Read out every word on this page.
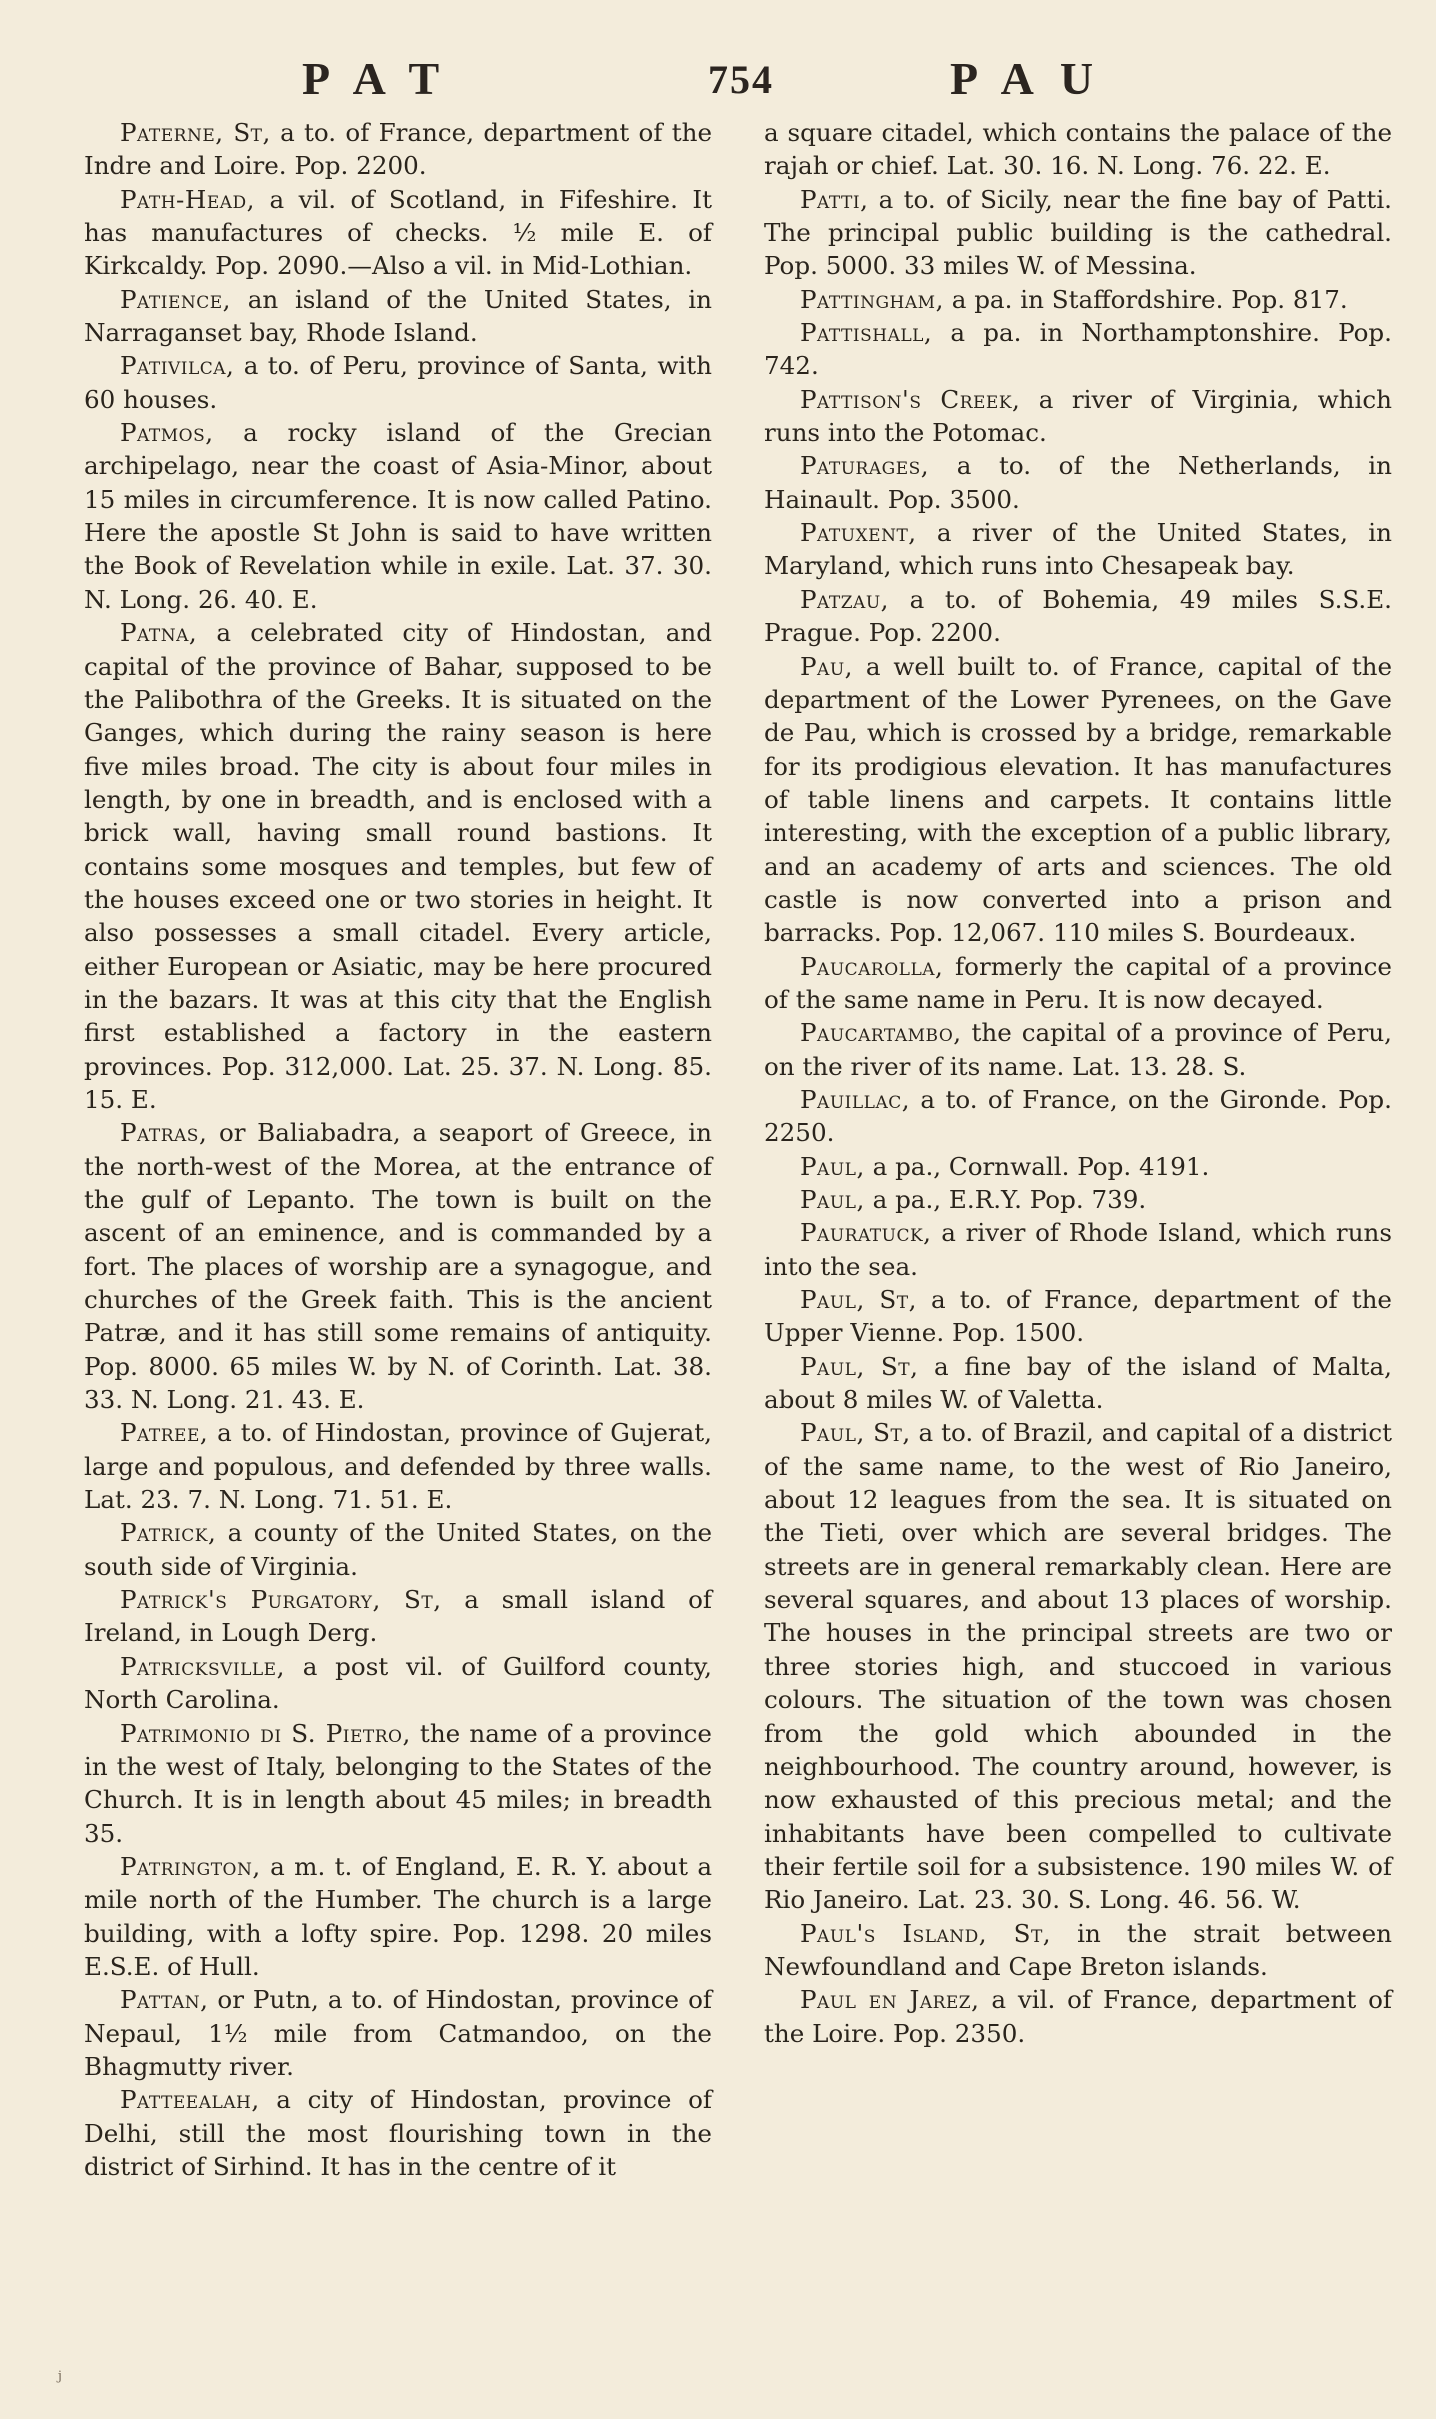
PAT	754	PAU

Paterne, St, a to. of France, department of the Indre and Loire. Pop. 2200.

Path-Head, a vil. of Scotland, in Fifeshire. It has manufactures of checks. ½ mile E. of Kirkcaldy. Pop. 2090.—Also a vil. in Mid-Lothian.

Patience, an island of the United States, in Narraganset bay, Rhode Island.

Pativilca, a to. of Peru, province of Santa, with 60 houses.

Patmos, a rocky island of the Grecian archipelago, near the coast of Asia-Minor, about 15 miles in circumference. It is now called Patino. Here the apostle St John is said to have written the Book of Revelation while in exile. Lat. 37. 30. N. Long. 26. 40. E.

Patna, a celebrated city of Hindostan, and capital of the province of Bahar, supposed to be the Palibothra of the Greeks. It is situated on the Ganges, which during the rainy season is here five miles broad. The city is about four miles in length, by one in breadth, and is enclosed with a brick wall, having small round bastions. It contains some mosques and temples, but few of the houses exceed one or two stories in height. It also possesses a small citadel. Every article, either European or Asiatic, may be here procured in the bazars. It was at this city that the English first established a factory in the eastern provinces. Pop. 312,000. Lat. 25. 37. N. Long. 85. 15. E.

Patras, or Baliabadra, a seaport of Greece, in the north-west of the Morea, at the entrance of the gulf of Lepanto. The town is built on the ascent of an eminence, and is commanded by a fort. The places of worship are a synagogue, and churches of the Greek faith. This is the ancient Patræ, and it has still some remains of antiquity. Pop. 8000. 65 miles W. by N. of Corinth. Lat. 38. 33. N. Long. 21. 43. E.

Patree, a to. of Hindostan, province of Gujerat, large and populous, and defended by three walls. Lat. 23. 7. N. Long. 71. 51. E.

Patrick, a county of the United States, on the south side of Virginia.

Patrick's Purgatory, St, a small island of Ireland, in Lough Derg.

Patricksville, a post vil. of Guilford county, North Carolina.

Patrimonio di S. Pietro, the name of a province in the west of Italy, belonging to the States of the Church. It is in length about 45 miles; in breadth 35.

Patrington, a m. t. of England, E. R. Y. about a mile north of the Humber. The church is a large building, with a lofty spire. Pop. 1298. 20 miles E.S.E. of Hull.

Pattan, or Putn, a to. of Hindostan, province of Nepaul, 1½ mile from Catmandoo, on the Bhagmutty river.

Patteealah, a city of Hindostan, province of Delhi, still the most flourishing town in the district of Sirhind. It has in the centre of it

a square citadel, which contains the palace of the rajah or chief. Lat. 30. 16. N. Long. 76. 22. E.

Patti, a to. of Sicily, near the fine bay of Patti. The principal public building is the cathedral. Pop. 5000. 33 miles W. of Messina.

Pattingham, a pa. in Staffordshire. Pop. 817.

Pattishall, a pa. in Northamptonshire. Pop. 742.

Pattison's Creek, a river of Virginia, which runs into the Potomac.

Paturages, a to. of the Netherlands, in Hainault. Pop. 3500.

Patuxent, a river of the United States, in Maryland, which runs into Chesapeak bay.

Patzau, a to. of Bohemia, 49 miles S.S.E. Prague. Pop. 2200.

Pau, a well built to. of France, capital of the department of the Lower Pyrenees, on the Gave de Pau, which is crossed by a bridge, remarkable for its prodigious elevation. It has manufactures of table linens and carpets. It contains little interesting, with the exception of a public library, and an academy of arts and sciences. The old castle is now converted into a prison and barracks. Pop. 12,067. 110 miles S. Bourdeaux.

Paucarolla, formerly the capital of a province of the same name in Peru. It is now decayed.

Paucartambo, the capital of a province of Peru, on the river of its name. Lat. 13. 28. S.

Pauillac, a to. of France, on the Gironde. Pop. 2250.

Paul, a pa., Cornwall. Pop. 4191.

Paul, a pa., E.R.Y. Pop. 739.

Pauratuck, a river of Rhode Island, which runs into the sea.

Paul, St, a to. of France, department of the Upper Vienne. Pop. 1500.

Paul, St, a fine bay of the island of Malta, about 8 miles W. of Valetta.

Paul, St, a to. of Brazil, and capital of a district of the same name, to the west of Rio Janeiro, about 12 leagues from the sea. It is situated on the Tieti, over which are several bridges. The streets are in general remarkably clean. Here are several squares, and about 13 places of worship. The houses in the principal streets are two or three stories high, and stuccoed in various colours. The situation of the town was chosen from the gold which abounded in the neighbourhood. The country around, however, is now exhausted of this precious metal; and the inhabitants have been compelled to cultivate their fertile soil for a subsistence. 190 miles W. of Rio Janeiro. Lat. 23. 30. S. Long. 46. 56. W.

Paul's Island, St, in the strait between Newfoundland and Cape Breton islands.

Paul en Jarez, a vil. of France, department of the Loire. Pop. 2350.

ʲ
